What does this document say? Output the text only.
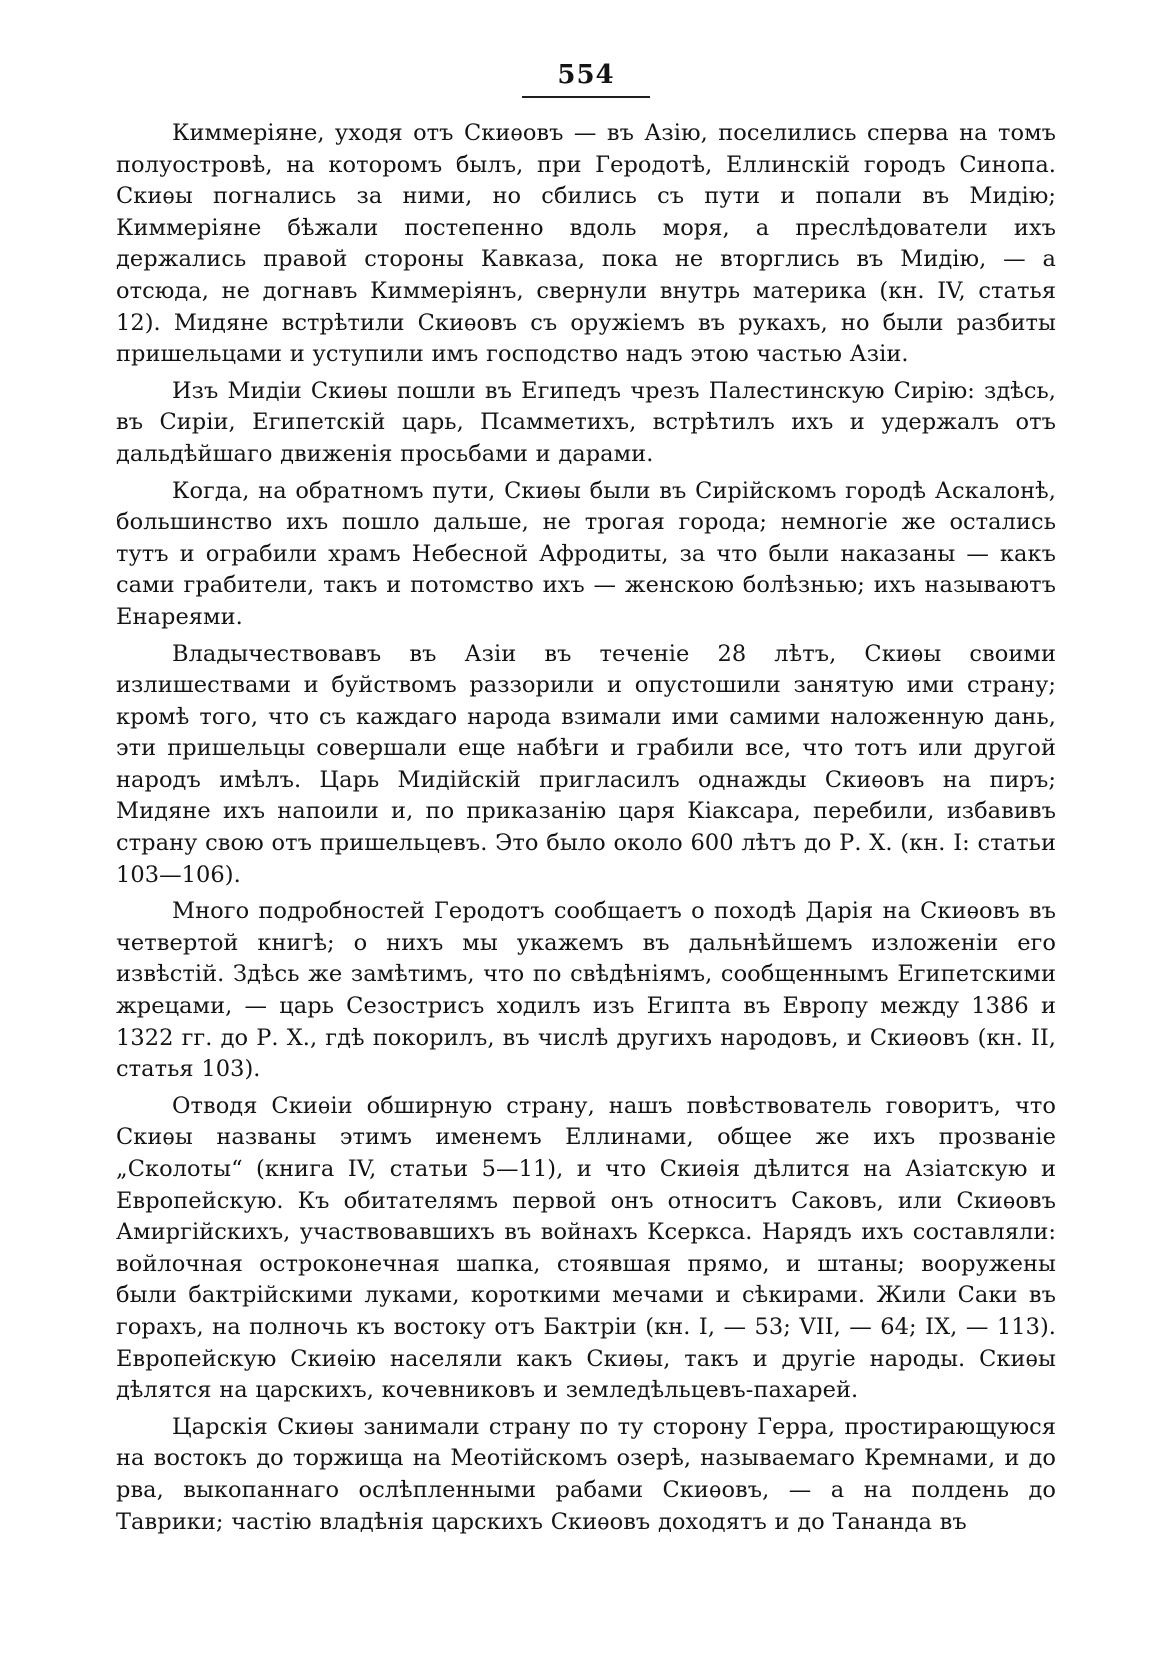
554

Киммерiяне, уходя отъ Скиѳовъ — въ Азiю, поселились сперва на томъ полуостровѣ, на которомъ былъ, при Геродотѣ, Еллинскiй городъ Синопа. Скиѳы погнались за ними, но сбились съ пути и попали въ Мидiю; Киммерiяне бѣжали постепенно вдоль моря, а преслѣдователи ихъ держались правой стороны Кавказа, пока не вторглись въ Мидiю, — а отсюда, не догнавъ Киммерiянъ, свернули внутрь материка (кн. IV, статья 12). Мидяне встрѣтили Скиѳовъ съ оружiемъ въ рукахъ, но были разбиты пришельцами и уступили имъ господство надъ этою частью Азiи.

Изъ Мидiи Скиѳы пошли въ Египедъ чрезъ Палестинскую Сирiю: здѣсь, въ Сирiи, Египетскiй царь, Псамметихъ, встрѣтилъ ихъ и удержалъ отъ дальдѣйшаго движенiя просьбами и дарами.

Когда, на обратномъ пути, Скиѳы были въ Сирiйскомъ городѣ Аскалонѣ, большинство ихъ пошло дальше, не трогая города; немногiе же остались тутъ и ограбили храмъ Небесной Афродиты, за что были наказаны — какъ сами грабители, такъ и потомство ихъ — женскою болѣзнью; ихъ называютъ Енареями.

Владычествовавъ въ Азiи въ теченiе 28 лѣтъ, Скиѳы своими излишествами и буйствомъ раззорили и опустошили занятую ими страну; кромѣ того, что съ каждаго народа взимали ими самими наложенную дань, эти пришельцы совершали еще набѣги и грабили все, что тотъ или другой народъ имѣлъ. Царь Мидiйскiй пригласилъ однажды Скиѳовъ на пиръ; Мидяне ихъ напоили и, по приказанiю царя Кiаксара, перебили, избавивъ страну свою отъ пришельцевъ. Это было около 600 лѣтъ до Р. Х. (кн. I: статьи 103—106).

Много подробностей Геродотъ сообщаетъ о походѣ Дарiя на Скиѳовъ въ четвертой книгѣ; о нихъ мы укажемъ въ дальнѣйшемъ изложенiи его извѣстiй. Здѣсь же замѣтимъ, что по свѣдѣнiямъ, сообщеннымъ Египетскими жрецами, — царь Сезострисъ ходилъ изъ Египта въ Европу между 1386 и 1322 гг. до Р. Х., гдѣ покорилъ, въ числѣ другихъ народовъ, и Скиѳовъ (кн. II, статья 103).

Отводя Скиѳiи обширную страну, нашъ повѣствователь говоритъ, что Скиѳы названы этимъ именемъ Еллинами, общее же ихъ прозванiе „Сколоты“ (книга IV, статьи 5—11), и что Скиѳiя дѣлится на Азiатскую и Европейскую. Къ обитателямъ первой онъ относитъ Саковъ, или Скиѳовъ Амиргiйскихъ, участвовавшихъ въ войнахъ Ксеркса. Нарядъ ихъ составляли: войлочная остроконечная шапка, стоявшая прямо, и штаны; вооружены были бактрiйскими луками, короткими мечами и сѣкирами. Жили Саки въ горахъ, на полночь къ востоку отъ Бактрiи (кн. I, — 53; VII, — 64; IX, — 113). Европейскую Скиѳiю населяли какъ Скиѳы, такъ и другiе народы. Скиѳы дѣлятся на царскихъ, кочевниковъ и земледѣльцевъ-пахарей.

Царскiя Скиѳы занимали страну по ту сторону Герра, простирающуюся на востокъ до торжища на Меотiйскомъ озерѣ, называемаго Кремнами, и до рва, выкопаннаго ослѣпленными рабами Скиѳовъ, — а на полдень до Таврики; частiю владѣнiя царскихъ Скиѳовъ доходятъ и до Тананда въ
